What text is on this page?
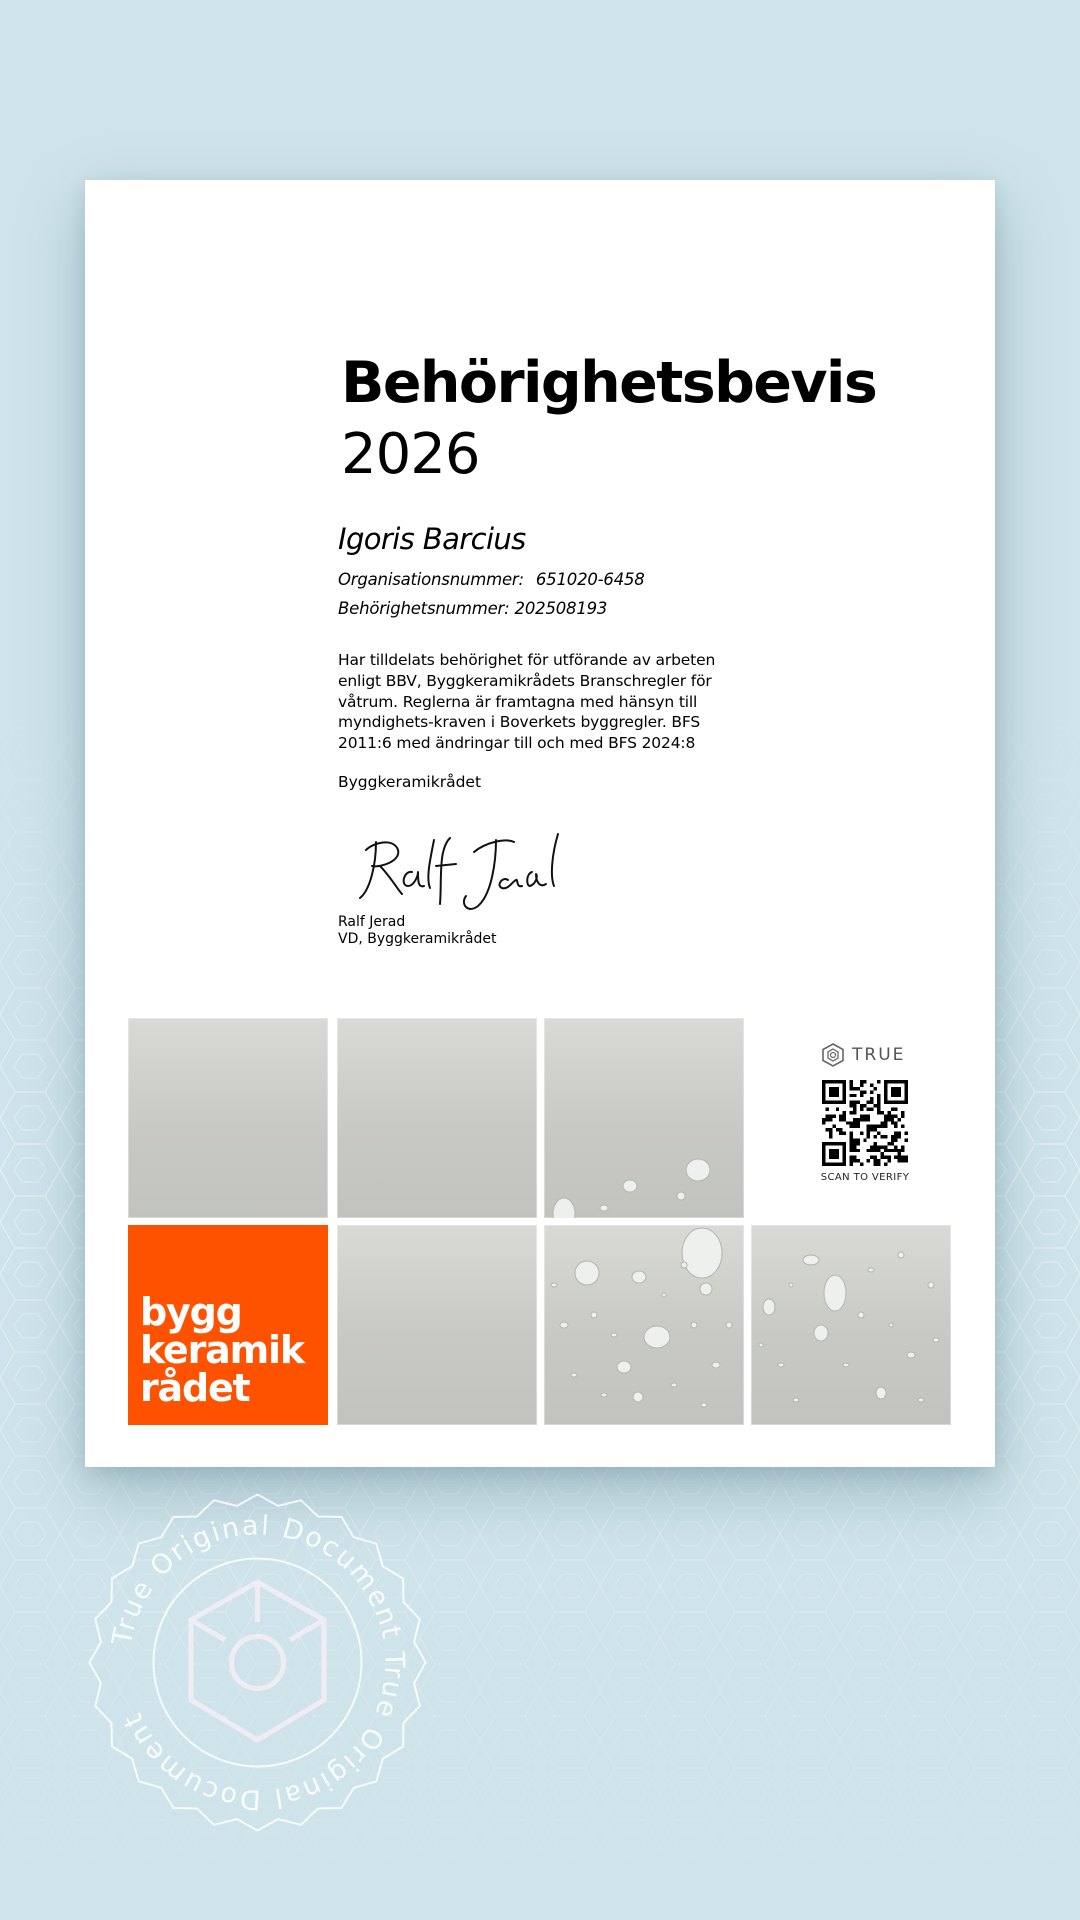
Behörighetsbevis
2026
Igoris Barcius
Organisationsnummer: 651020-6458
Behörighetsnummer: 202508193
Har tilldelats behörighet för utförande av arbeten enligt BBV, Byggkeramikrådets Branschregler för våtrum. Reglerna är framtagna med hänsyn till myndighets-kraven i Boverkets byggregler. BFS 2011:6 med ändringar till och med BFS 2024:8
Byggkeramikrådet
Ralf Jerad
VD, Byggkeramikrådet
bygg
keramik
rådet
TRUE
SCAN TO VERIFY
True Original Document True Original Document
